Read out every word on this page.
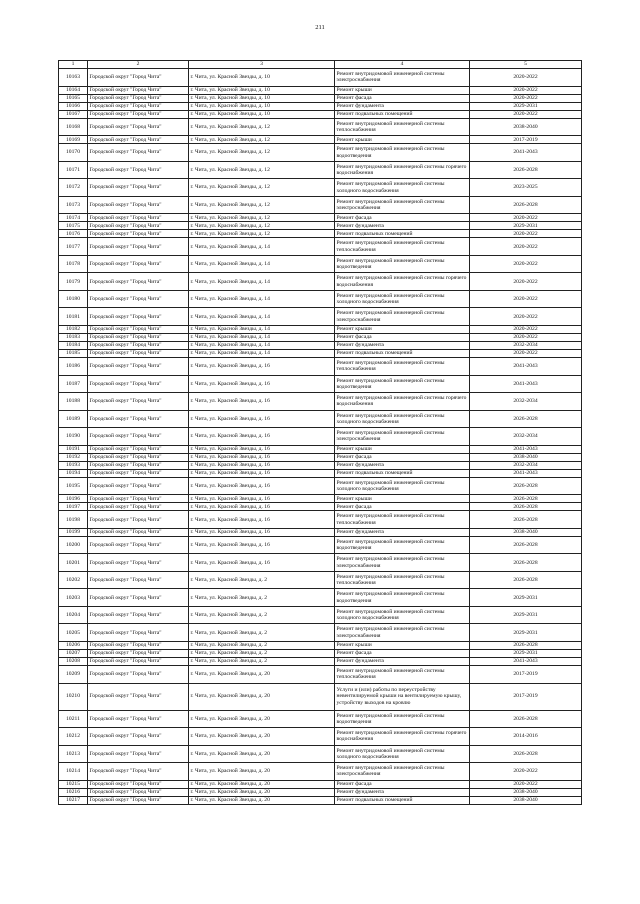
211
1	2	3	4	5
10163	Городской округ "Город Чита"	г. Чита, ул. Красной Звезды, д. 10	Ремонт внутридомовой инженерной системы электроснабжения	2020-2022
10164	Городской округ "Город Чита"	г. Чита, ул. Красной Звезды, д. 10	Ремонт крыши	2020-2022
10165	Городской округ "Город Чита"	г. Чита, ул. Красной Звезды, д. 10	Ремонт фасада	2020-2022
10166	Городской округ "Город Чита"	г. Чита, ул. Красной Звезды, д. 10	Ремонт фундамента	2029-2031
10167	Городской округ "Город Чита"	г. Чита, ул. Красной Звезды, д. 10	Ремонт подвальных помещений	2020-2022
10168	Городской округ "Город Чита"	г. Чита, ул. Красной Звезды, д. 12	Ремонт внутридомовой инженерной системы теплоснабжения	2038-2040
10169	Городской округ "Город Чита"	г. Чита, ул. Красной Звезды, д. 12	Ремонт крыши	2017-2019
10170	Городской округ "Город Чита"	г. Чита, ул. Красной Звезды, д. 12	Ремонт внутридомовой инженерной системы водоотведения	2041-2043
10171	Городской округ "Город Чита"	г. Чита, ул. Красной Звезды, д. 12	Ремонт внутридомовой инженерной системы горячего водоснабжения	2026-2028
10172	Городской округ "Город Чита"	г. Чита, ул. Красной Звезды, д. 12	Ремонт внутридомовой инженерной системы холодного водоснабжения	2023-2025
10173	Городской округ "Город Чита"	г. Чита, ул. Красной Звезды, д. 12	Ремонт внутридомовой инженерной системы электроснабжения	2026-2028
10174	Городской округ "Город Чита"	г. Чита, ул. Красной Звезды, д. 12	Ремонт фасада	2020-2022
10175	Городской округ "Город Чита"	г. Чита, ул. Красной Звезды, д. 12	Ремонт фундамента	2029-2031
10176	Городской округ "Город Чита"	г. Чита, ул. Красной Звезды, д. 12	Ремонт подвальных помещений	2020-2022
10177	Городской округ "Город Чита"	г. Чита, ул. Красной Звезды, д. 14	Ремонт внутридомовой инженерной системы теплоснабжения	2020-2022
10178	Городской округ "Город Чита"	г. Чита, ул. Красной Звезды, д. 14	Ремонт внутридомовой инженерной системы водоотведения	2020-2022
10179	Городской округ "Город Чита"	г. Чита, ул. Красной Звезды, д. 14	Ремонт внутридомовой инженерной системы горячего водоснабжения	2020-2022
10180	Городской округ "Город Чита"	г. Чита, ул. Красной Звезды, д. 14	Ремонт внутридомовой инженерной системы холодного водоснабжения	2020-2022
10181	Городской округ "Город Чита"	г. Чита, ул. Красной Звезды, д. 14	Ремонт внутридомовой инженерной системы электроснабжения	2020-2022
10182	Городской округ "Город Чита"	г. Чита, ул. Красной Звезды, д. 14	Ремонт крыши	2020-2022
10183	Городской округ "Город Чита"	г. Чита, ул. Красной Звезды, д. 14	Ремонт фасада	2020-2022
10184	Городской округ "Город Чита"	г. Чита, ул. Красной Звезды, д. 14	Ремонт фундамента	2032-2034
10185	Городской округ "Город Чита"	г. Чита, ул. Красной Звезды, д. 14	Ремонт подвальных помещений	2020-2022
10186	Городской округ "Город Чита"	г. Чита, ул. Красной Звезды, д. 16	Ремонт внутридомовой инженерной системы теплоснабжения	2041-2043
10187	Городской округ "Город Чита"	г. Чита, ул. Красной Звезды, д. 16	Ремонт внутридомовой инженерной системы водоотведения	2041-2043
10188	Городской округ "Город Чита"	г. Чита, ул. Красной Звезды, д. 16	Ремонт внутридомовой инженерной системы горячего водоснабжения	2032-2034
10189	Городской округ "Город Чита"	г. Чита, ул. Красной Звезды, д. 16	Ремонт внутридомовой инженерной системы холодного водоснабжения	2026-2028
10190	Городской округ "Город Чита"	г. Чита, ул. Красной Звезды, д. 16	Ремонт внутридомовой инженерной системы электроснабжения	2032-2034
10191	Городской округ "Город Чита"	г. Чита, ул. Красной Звезды, д. 16	Ремонт крыши	2041-2043
10192	Городской округ "Город Чита"	г. Чита, ул. Красной Звезды, д. 16	Ремонт фасада	2038-2040
10193	Городской округ "Город Чита"	г. Чита, ул. Красной Звезды, д. 16	Ремонт фундамента	2032-2034
10194	Городской округ "Город Чита"	г. Чита, ул. Красной Звезды, д. 16	Ремонт подвальных помещений	2041-2043
10195	Городской округ "Город Чита"	г. Чита, ул. Красной Звезды, д. 16	Ремонт внутридомовой инженерной системы холодного водоснабжения	2026-2028
10196	Городской округ "Город Чита"	г. Чита, ул. Красной Звезды, д. 16	Ремонт крыши	2026-2028
10197	Городской округ "Город Чита"	г. Чита, ул. Красной Звезды, д. 16	Ремонт фасада	2026-2028
10198	Городской округ "Город Чита"	г. Чита, ул. Красной Звезды, д. 16	Ремонт внутридомовой инженерной системы теплоснабжения	2026-2028
10199	Городской округ "Город Чита"	г. Чита, ул. Красной Звезды, д. 16	Ремонт фундамента	2038-2040
10200	Городской округ "Город Чита"	г. Чита, ул. Красной Звезды, д. 16	Ремонт внутридомовой инженерной системы водоотведения	2026-2028
10201	Городской округ "Город Чита"	г. Чита, ул. Красной Звезды, д. 16	Ремонт внутридомовой инженерной системы электроснабжения	2026-2028
10202	Городской округ "Город Чита"	г. Чита, ул. Красной Звезды, д. 2	Ремонт внутридомовой инженерной системы теплоснабжения	2026-2028
10203	Городской округ "Город Чита"	г. Чита, ул. Красной Звезды, д. 2	Ремонт внутридомовой инженерной системы водоотведения	2029-2031
10204	Городской округ "Город Чита"	г. Чита, ул. Красной Звезды, д. 2	Ремонт внутридомовой инженерной системы холодного водоснабжения	2029-2031
10205	Городской округ "Город Чита"	г. Чита, ул. Красной Звезды, д. 2	Ремонт внутридомовой инженерной системы электроснабжения	2029-2031
10206	Городской округ "Город Чита"	г. Чита, ул. Красной Звезды, д. 2	Ремонт крыши	2026-2028
10207	Городской округ "Город Чита"	г. Чита, ул. Красной Звезды, д. 2	Ремонт фасада	2029-2031
10208	Городской округ "Город Чита"	г. Чита, ул. Красной Звезды, д. 2	Ремонт фундамента	2041-2043
10209	Городской округ "Город Чита"	г. Чита, ул. Красной Звезды, д. 20	Ремонт внутридомовой инженерной системы теплоснабжения	2017-2019
10210	Городской округ "Город Чита"	г. Чита, ул. Красной Звезды, д. 20	Услуги и (или) работы по переустройству невентилируемой крыши на вентилируемую крышу, устройству выходов на кровлю	2017-2019
10211	Городской округ "Город Чита"	г. Чита, ул. Красной Звезды, д. 20	Ремонт внутридомовой инженерной системы водоотведения	2026-2028
10212	Городской округ "Город Чита"	г. Чита, ул. Красной Звезды, д. 20	Ремонт внутридомовой инженерной системы горячего водоснабжения	2014-2016
10213	Городской округ "Город Чита"	г. Чита, ул. Красной Звезды, д. 20	Ремонт внутридомовой инженерной системы холодного водоснабжения	2026-2028
10214	Городской округ "Город Чита"	г. Чита, ул. Красной Звезды, д. 20	Ремонт внутридомовой инженерной системы электроснабжения	2020-2022
10215	Городской округ "Город Чита"	г. Чита, ул. Красной Звезды, д. 20	Ремонт фасада	2020-2022
10216	Городской округ "Город Чита"	г. Чита, ул. Красной Звезды, д. 20	Ремонт фундамента	2038-2040
10217	Городской округ "Город Чита"	г. Чита, ул. Красной Звезды, д. 20	Ремонт подвальных помещений	2038-2040
